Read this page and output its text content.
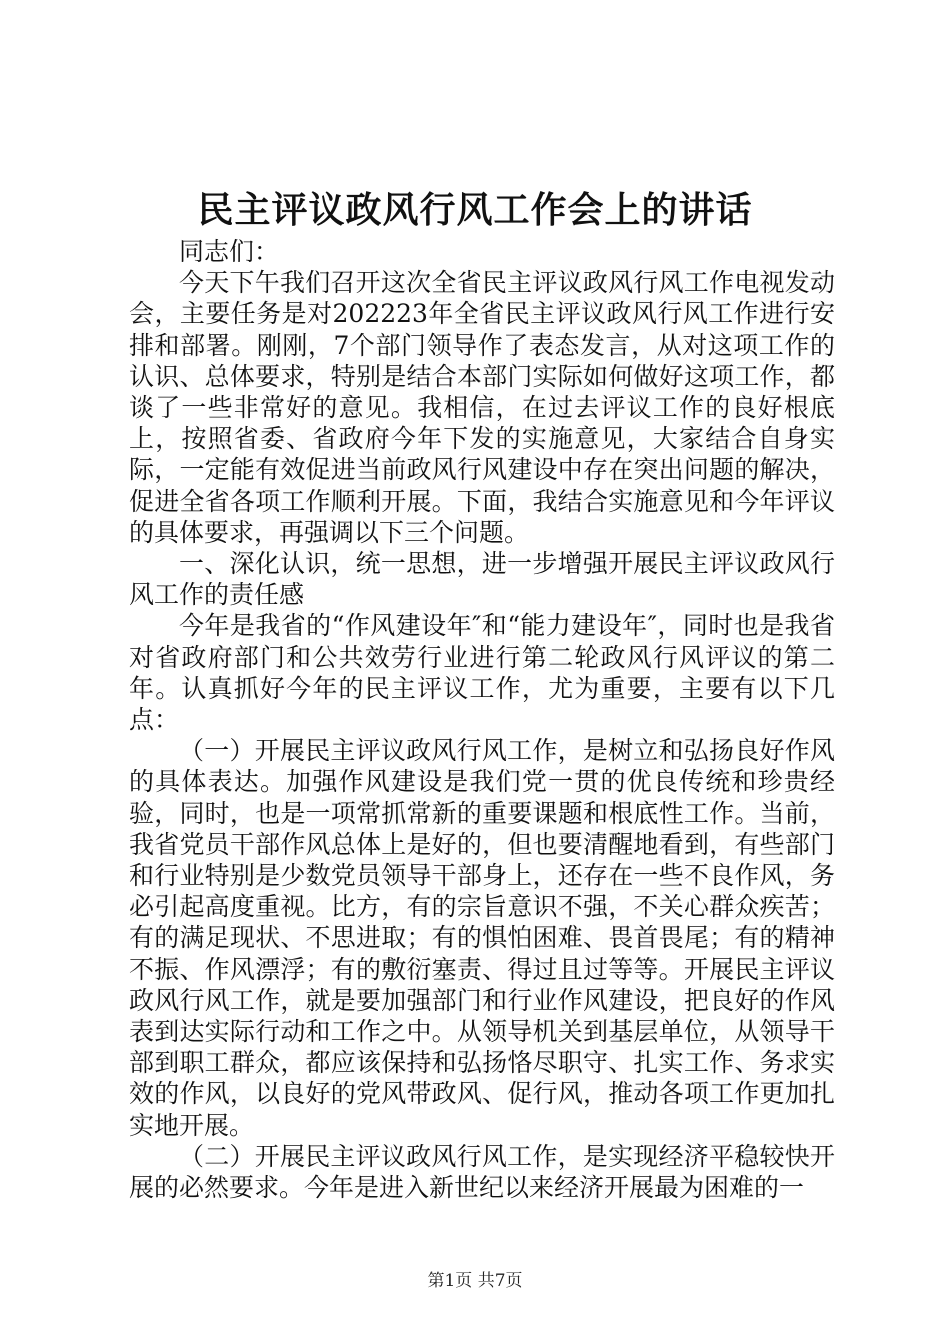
民主评议政风行风工作会上的讲话

同志们：

今天下午我们召开这次全省民主评议政风行风工作电视发动会，主要任务是对202223年全省民主评议政风行风工作进行安排和部署。刚刚，7个部门领导作了表态发言，从对这项工作的认识、总体要求，特别是结合本部门实际如何做好这项工作，都谈了一些非常好的意见。我相信，在过去评议工作的良好根底上，按照省委、省政府今年下发的实施意见，大家结合自身实际，一定能有效促进当前政风行风建设中存在突出问题的解决，促进全省各项工作顺利开展。下面，我结合实施意见和今年评议的具体要求，再强调以下三个问题。

一、深化认识，统一思想，进一步增强开展民主评议政风行风工作的责任感

今年是我省的“作风建设年″和“能力建设年″，同时也是我省对省政府部门和公共效劳行业进行第二轮政风行风评议的第二年。认真抓好今年的民主评议工作，尤为重要，主要有以下几点：

（一）开展民主评议政风行风工作，是树立和弘扬良好作风的具体表达。加强作风建设是我们党一贯的优良传统和珍贵经验，同时，也是一项常抓常新的重要课题和根底性工作。当前，我省党员干部作风总体上是好的，但也要清醒地看到，有些部门和行业特别是少数党员领导干部身上，还存在一些不良作风，务必引起高度重视。比方，有的宗旨意识不强，不关心群众疾苦；有的满足现状、不思进取；有的惧怕困难、畏首畏尾；有的精神不振、作风漂浮；有的敷衍塞责、得过且过等等。开展民主评议政风行风工作，就是要加强部门和行业作风建设，把良好的作风表到达实际行动和工作之中。从领导机关到基层单位，从领导干部到职工群众，都应该保持和弘扬恪尽职守、扎实工作、务求实效的作风，以良好的党风带政风、促行风，推动各项工作更加扎实地开展。

（二）开展民主评议政风行风工作，是实现经济平稳较快开展的必然要求。今年是进入新世纪以来经济开展最为困难的一

第1页 共7页
